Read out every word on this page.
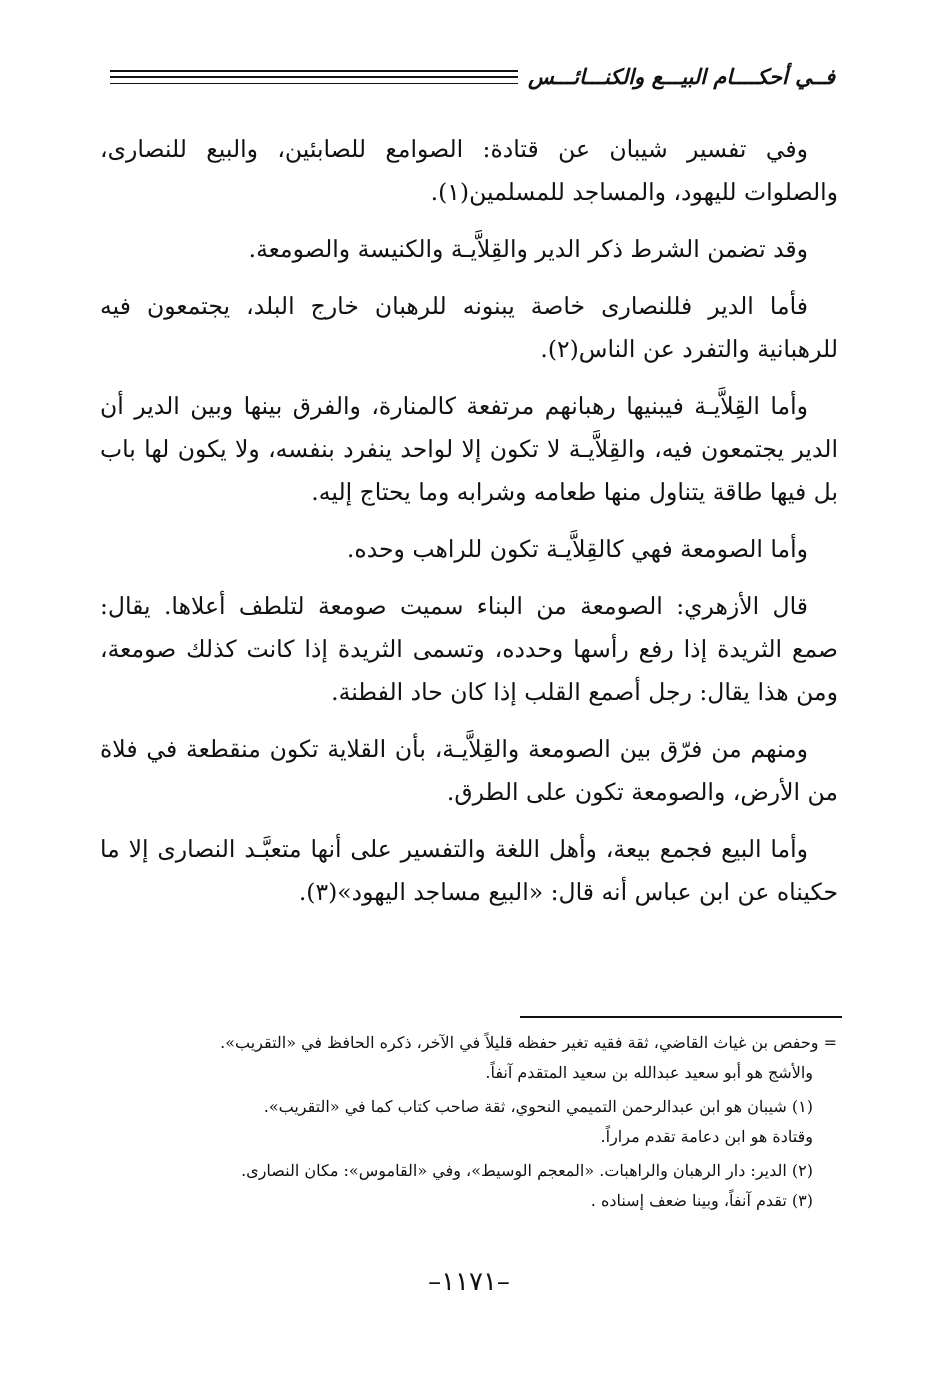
فــي أحكــــام البيـــع والكنـــائـــس

وفي تفسير شيبان عن قتادة: الصوامع للصابئين، والبيع للنصارى، والصلوات لليهود، والمساجد للمسلمين(١).

وقد تضمن الشرط ذكر الدير والقِلاَّيـة والكنيسة والصومعة.

فأما الدير فللنصارى خاصة يبنونه للرهبان خارج البلد، يجتمعون فيه للرهبانية والتفرد عن الناس(٢).

وأما القِلاَّيـة فيبنيها رهبانهم مرتفعة كالمنارة، والفرق بينها وبين الدير أن الدير يجتمعون فيه، والقِلاَّيـة لا تكون إلا لواحد ينفرد بنفسه، ولا يكون لها باب بل فيها طاقة يتناول منها طعامه وشرابه وما يحتاج إليه.

وأما الصومعة فهي كالقِلاَّيـة تكون للراهب وحده.

قال الأزهري: الصومعة من البناء سميت صومعة لتلطف أعلاها. يقال: صمع الثريدة إذا رفع رأسها وحدده، وتسمى الثريدة إذا كانت كذلك صومعة، ومن هذا يقال: رجل أصمع القلب إذا كان حاد الفطنة.

ومنهم من فرّق بين الصومعة والقِلاَّيـة، بأن القلاية تكون منقطعة في فلاة من الأرض، والصومعة تكون على الطرق.

وأما البيع فجمع بيعة، وأهل اللغة والتفسير على أنها متعبَّـد النصارى إلا ما حكيناه عن ابن عباس أنه قال: «البيع مساجد اليهود»(٣).

= وحفص بن غياث القاضي، ثقة فقيه تغير حفظه قليلاً في الآخر، ذكره الحافظ في «التقريب».

والأشج هو أبو سعيد عبدالله بن سعيد المتقدم آنفاً.

(١) شيبان هو ابن عبدالرحمن التميمي النحوي، ثقة صاحب كتاب كما في «التقريب».

وقتادة هو ابن دعامة تقدم مراراً.

(٢) الدير: دار الرهبان والراهبات. «المعجم الوسيط»، وفي «القاموس»: مكان النصارى.

(٣) تقدم آنفاً، وبينا ضعف إسناده .

–١١٧١–
